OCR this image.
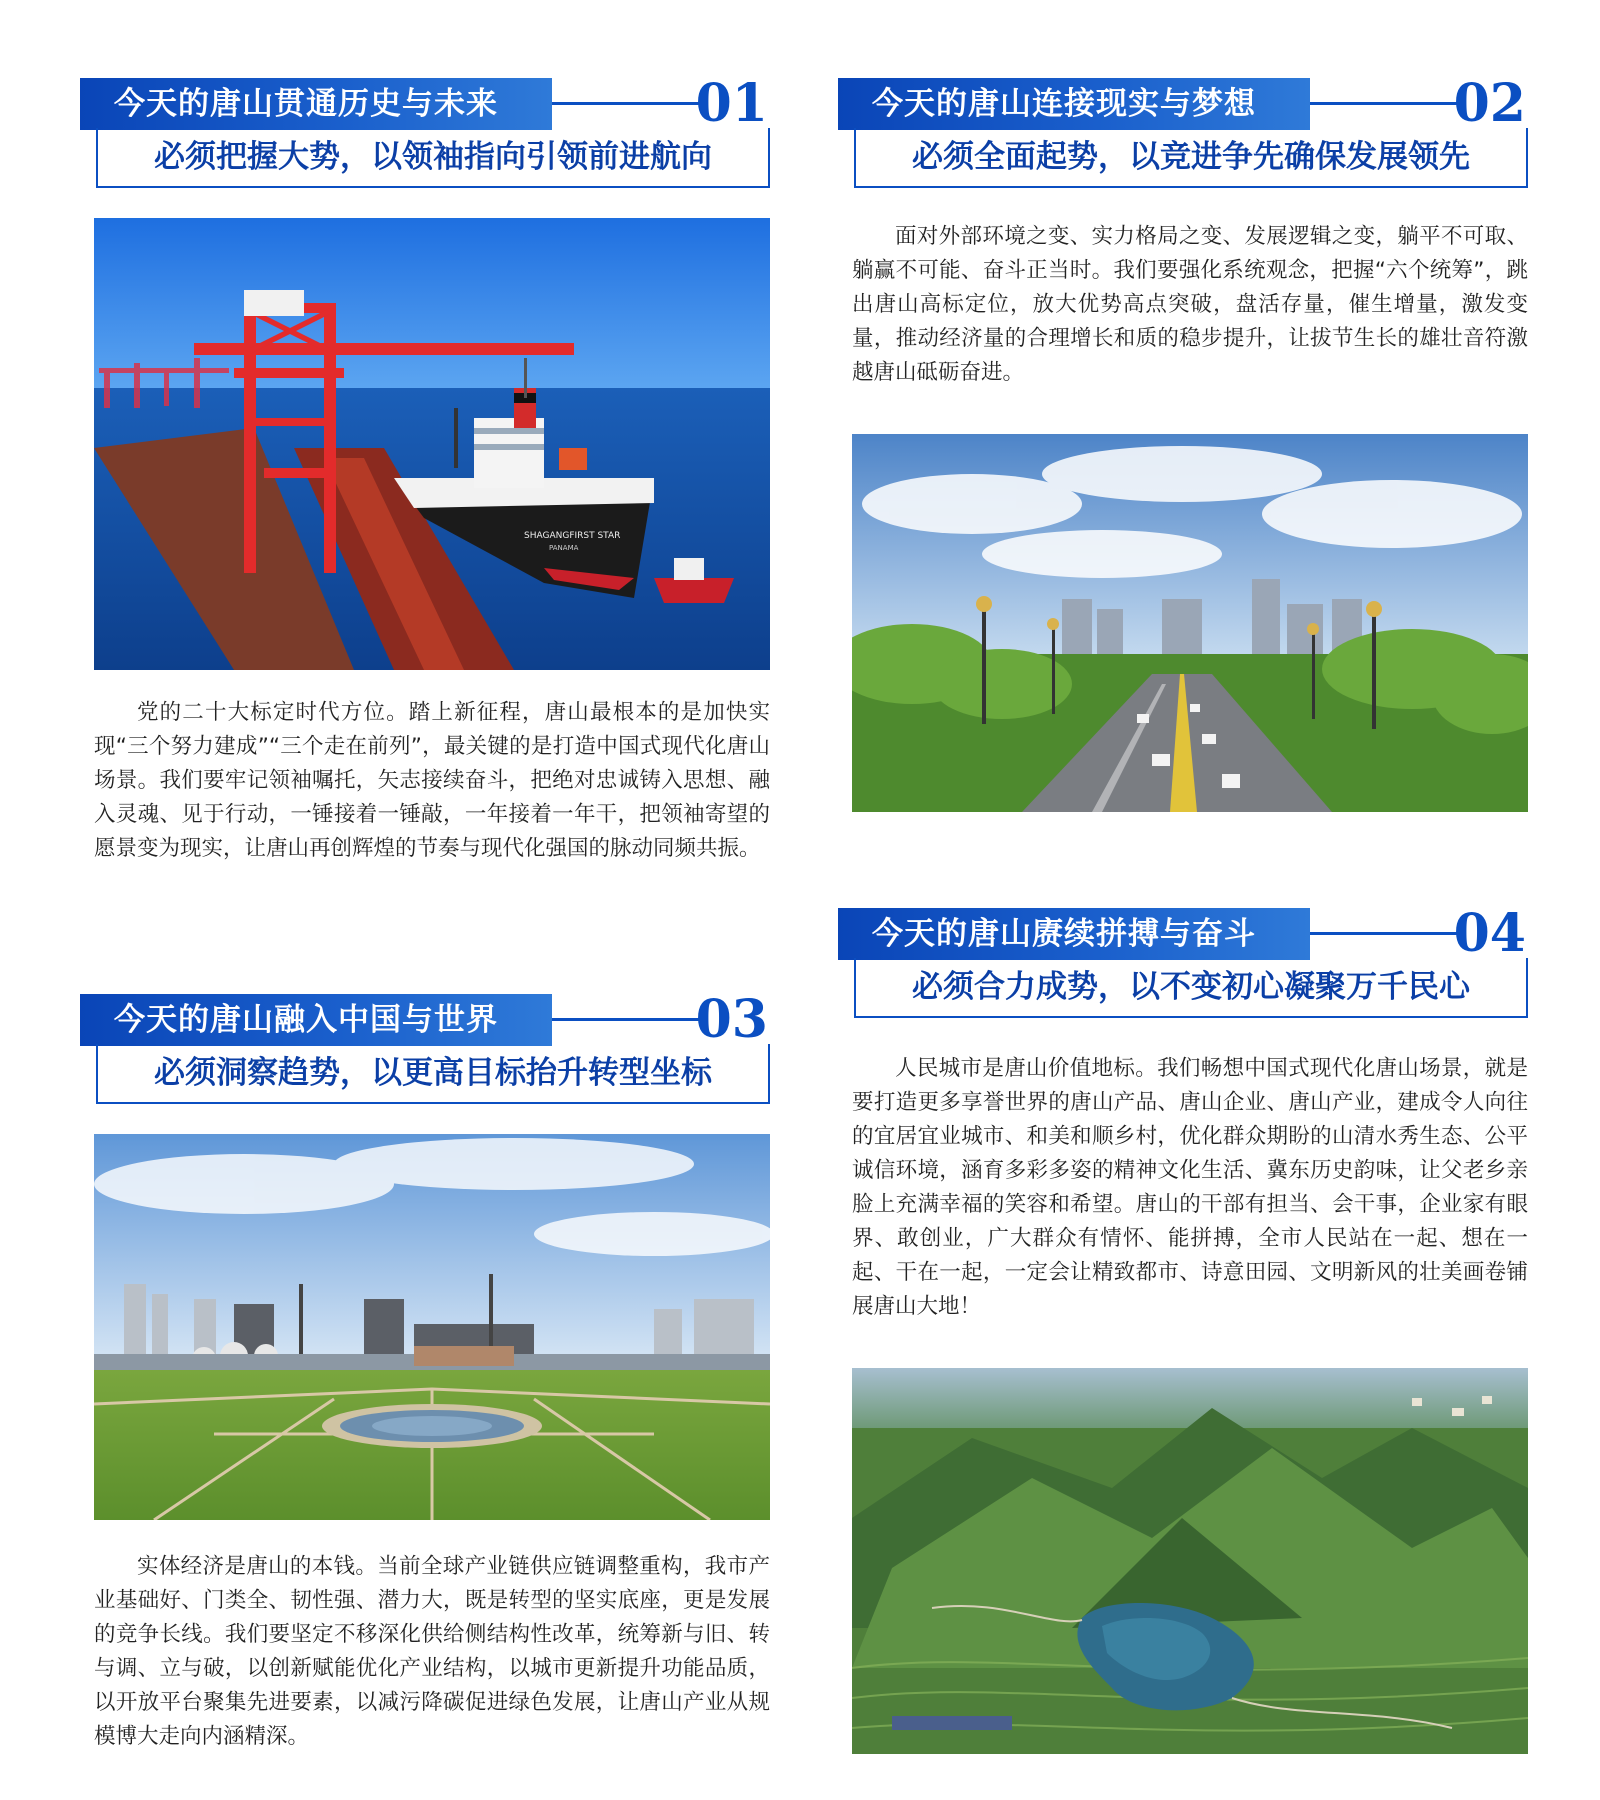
今天的唐山贯通历史与未来	01
必须把握大势，以领袖指向引领前进航向
SHAGANGFIRST STAR
PANAMA
党的二十大标定时代方位。踏上新征程，唐山最根本的是加快实现“三个努力建成”“三个走在前列”，最关键的是打造中国式现代化唐山场景。我们要牢记领袖嘱托，矢志接续奋斗，把绝对忠诚铸入思想、融入灵魂、见于行动，一锤接着一锤敲，一年接着一年干，把领袖寄望的愿景变为现实，让唐山再创辉煌的节奏与现代化强国的脉动同频共振。
今天的唐山连接现实与梦想	02
必须全面起势，以竞进争先确保发展领先
面对外部环境之变、实力格局之变、发展逻辑之变，躺平不可取、躺赢不可能、奋斗正当时。我们要强化系统观念，把握“六个统筹”，跳出唐山高标定位，放大优势高点突破，盘活存量，催生增量，激发变量，推动经济量的合理增长和质的稳步提升，让拔节生长的雄壮音符激越唐山砥砺奋进。
今天的唐山融入中国与世界	03
必须洞察趋势，以更高目标抬升转型坐标
实体经济是唐山的本钱。当前全球产业链供应链调整重构，我市产业基础好、门类全、韧性强、潜力大，既是转型的坚实底座，更是发展的竞争长线。我们要坚定不移深化供给侧结构性改革，统筹新与旧、转与调、立与破，以创新赋能优化产业结构，以城市更新提升功能品质，以开放平台聚集先进要素，以减污降碳促进绿色发展，让唐山产业从规模博大走向内涵精深。
今天的唐山赓续拼搏与奋斗	04
必须合力成势，以不变初心凝聚万千民心
人民城市是唐山价值地标。我们畅想中国式现代化唐山场景，就是要打造更多享誉世界的唐山产品、唐山企业、唐山产业，建成令人向往的宜居宜业城市、和美和顺乡村，优化群众期盼的山清水秀生态、公平诚信环境，涵育多彩多姿的精神文化生活、冀东历史韵味，让父老乡亲脸上充满幸福的笑容和希望。唐山的干部有担当、会干事，企业家有眼界、敢创业，广大群众有情怀、能拼搏，全市人民站在一起、想在一起、干在一起，一定会让精致都市、诗意田园、文明新风的壮美画卷铺展唐山大地！
